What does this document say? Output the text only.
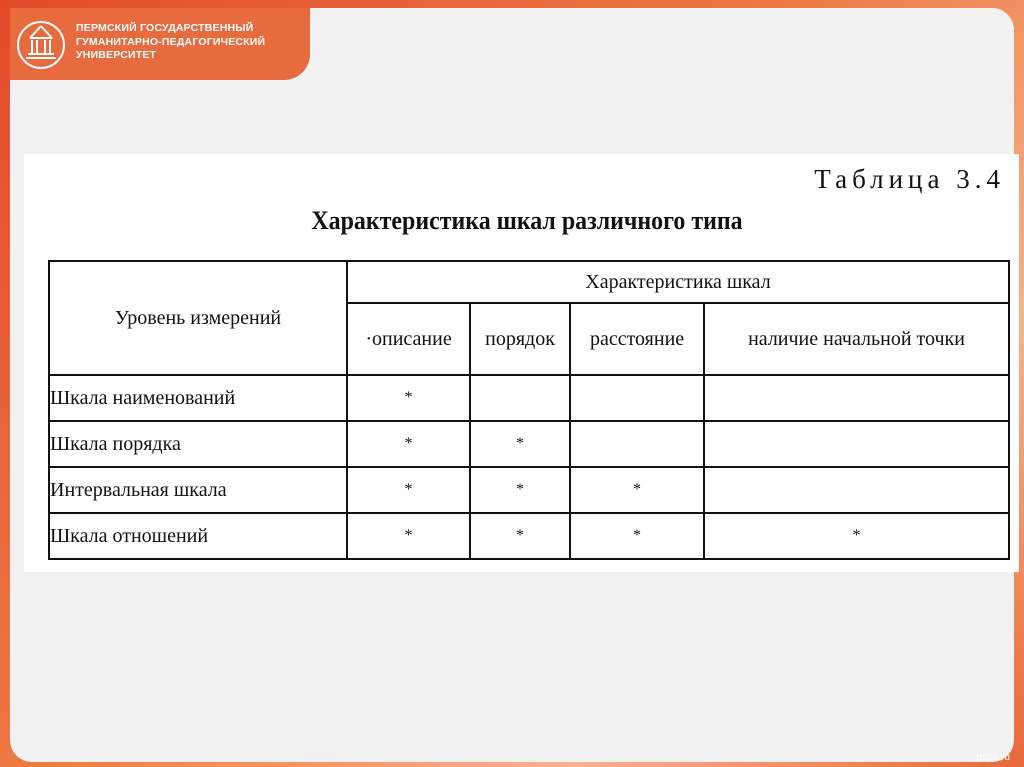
ПЕРМСКИЙ ГОСУДАРСТВЕННЫЙ
ГУМАНИТАРНО-ПЕДАГОГИЧЕСКИЙ
УНИВЕРСИТЕТ
Таблица 3.4
Характеристика шкал различного типа
Уровень измерений	Характеристика шкал			
	·описание	порядок	расстояние	наличие начальной точки
Шкала наименований	*			
Шкала порядка	*	*		
Интервальная шкала	*	*	*	
Шкала отношений	*	*	*	*
pspu.ru
